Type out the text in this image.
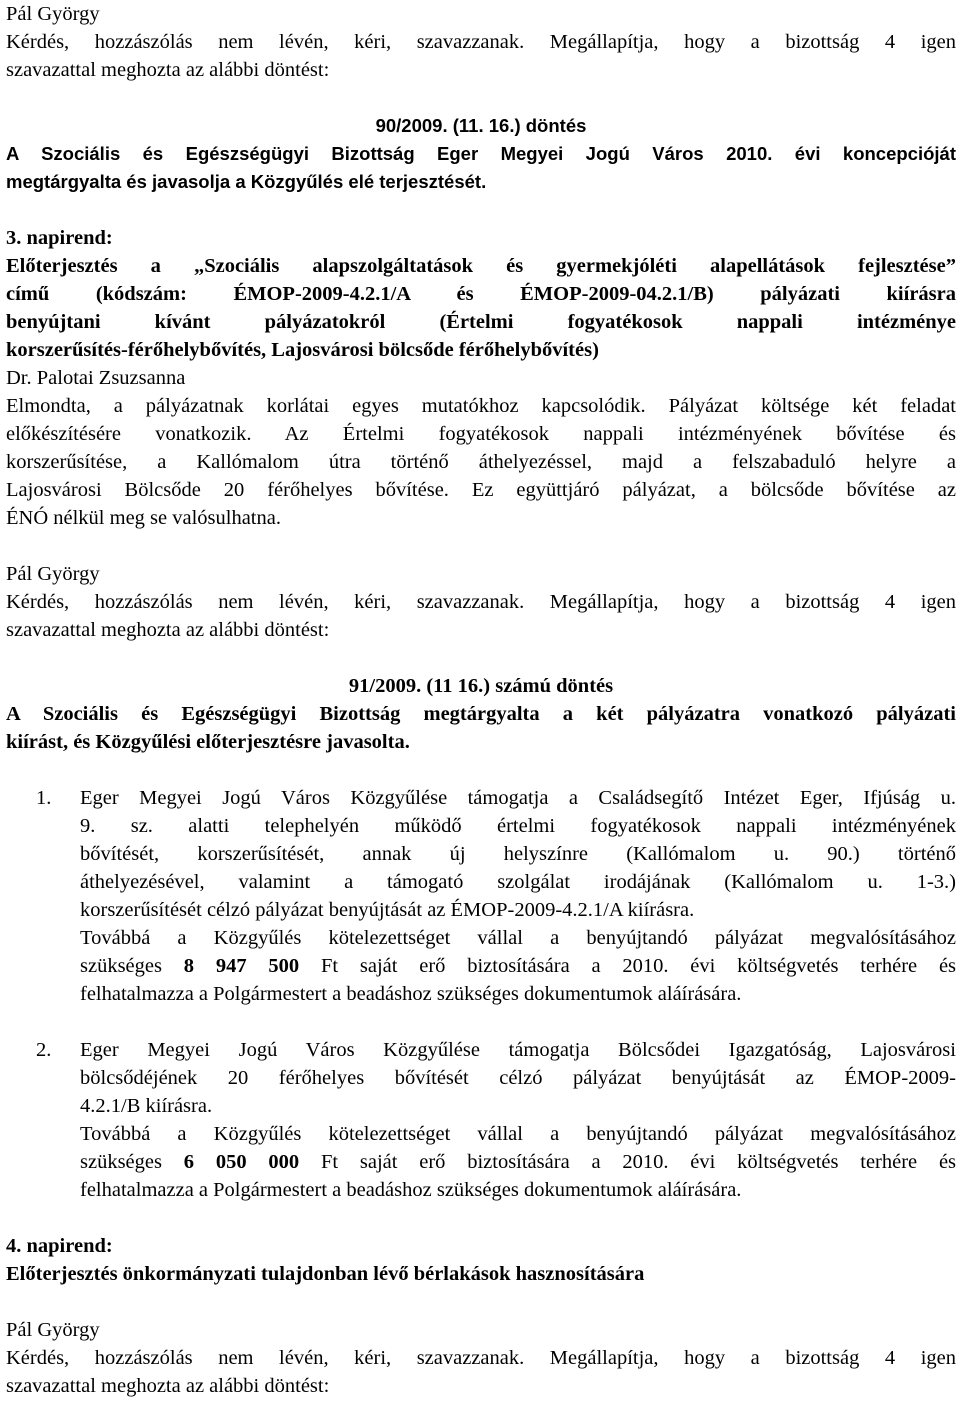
Pál György

Kérdés, hozzászólás nem lévén, kéri, szavazzanak. Megállapítja, hogy a bizottság 4 igen

szavazattal meghozta az alábbi döntést:

90/2009. (11. 16.) döntés

A Szociális és Egészségügyi Bizottság Eger Megyei Jogú Város 2010. évi koncepcióját

megtárgyalta és javasolja a Közgyűlés elé terjesztését.

3. napirend:

Előterjesztés a „Szociális alapszolgáltatások és gyermekjóléti alapellátások fejlesztése”

című (kódszám: ÉMOP-2009-4.2.1/A és ÉMOP-2009-04.2.1/B) pályázati kiírásra

benyújtani kívánt pályázatokról (Értelmi fogyatékosok nappali intézménye

korszerűsítés-férőhelybővítés, Lajosvárosi bölcsőde férőhelybővítés)

Dr. Palotai Zsuzsanna

Elmondta, a pályázatnak korlátai egyes mutatókhoz kapcsolódik. Pályázat költsége két feladat

előkészítésére vonatkozik. Az Értelmi fogyatékosok nappali intézményének bővítése és

korszerűsítése, a Kallómalom útra történő áthelyezéssel, majd a felszabaduló helyre a

Lajosvárosi Bölcsőde 20 férőhelyes bővítése. Ez együttjáró pályázat, a bölcsőde bővítése az

ÉNÓ nélkül meg se valósulhatna.

Pál György

Kérdés, hozzászólás nem lévén, kéri, szavazzanak. Megállapítja, hogy a bizottság 4 igen

szavazattal meghozta az alábbi döntést:

91/2009. (11 16.) számú döntés

A Szociális és Egészségügyi Bizottság megtárgyalta a két pályázatra vonatkozó pályázati

kiírást, és Közgyűlési előterjesztésre javasolta.

1.	Eger Megyei Jogú Város Közgyűlése támogatja a Családsegítő Intézet Eger, Ifjúság u.

9. sz. alatti telephelyén működő értelmi fogyatékosok nappali intézményének

bővítését, korszerűsítését, annak új helyszínre (Kallómalom u. 90.) történő

áthelyezésével, valamint a támogató szolgálat irodájának (Kallómalom u. 1-3.)

korszerűsítését célzó pályázat benyújtását az ÉMOP-2009-4.2.1/A kiírásra.

Továbbá a Közgyűlés kötelezettséget vállal a benyújtandó pályázat megvalósításához

szükséges 8 947 500 Ft saját erő biztosítására a 2010. évi költségvetés terhére és

felhatalmazza a Polgármestert a beadáshoz szükséges dokumentumok aláírására.

2.	Eger Megyei Jogú Város Közgyűlése támogatja Bölcsődei Igazgatóság, Lajosvárosi

bölcsődéjének 20 férőhelyes bővítését célzó pályázat benyújtását az ÉMOP-2009-

4.2.1/B kiírásra.

Továbbá a Közgyűlés kötelezettséget vállal a benyújtandó pályázat megvalósításához

szükséges 6 050 000 Ft saját erő biztosítására a 2010. évi költségvetés terhére és

felhatalmazza a Polgármestert a beadáshoz szükséges dokumentumok aláírására.

4. napirend:

Előterjesztés önkormányzati tulajdonban lévő bérlakások hasznosítására

Pál György

Kérdés, hozzászólás nem lévén, kéri, szavazzanak. Megállapítja, hogy a bizottság 4 igen

szavazattal meghozta az alábbi döntést:
